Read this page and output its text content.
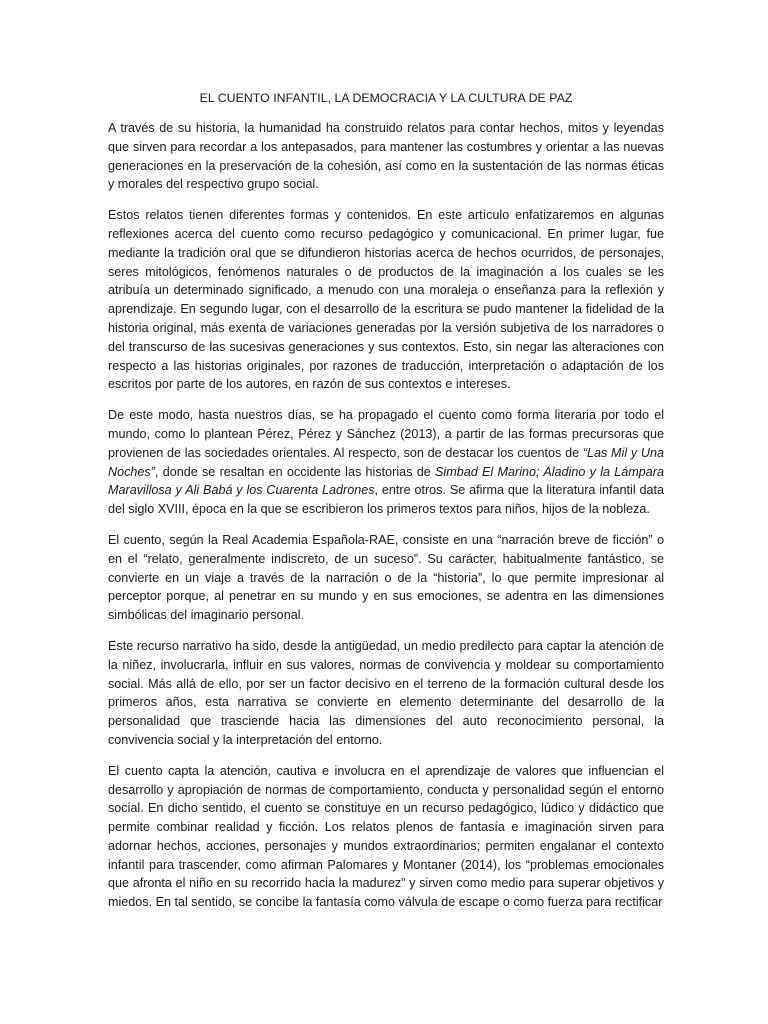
EL CUENTO INFANTIL, LA DEMOCRACIA Y LA CULTURA DE PAZ

A través de su historia, la humanidad ha construido relatos para contar hechos, mitos y leyendas que sirven para recordar a los antepasados, para mantener las costumbres y orientar a las nuevas generaciones en la preservación de la cohesión, así como en la sustentación de las normas éticas y morales del respectivo grupo social.

Estos relatos tienen diferentes formas y contenidos. En este artículo enfatizaremos en algunas reflexiones acerca del cuento como recurso pedagógico y comunicacional. En primer lugar, fue mediante la tradición oral que se difundieron historias acerca de hechos ocurridos, de personajes, seres mitológicos, fenómenos naturales o de productos de la imaginación a los cuales se les atribuía un determinado significado, a menudo con una moraleja o enseñanza para la reflexión y aprendizaje. En segundo lugar, con el desarrollo de la escritura se pudo mantener la fidelidad de la historia original, más exenta de variaciones generadas por la versión subjetiva de los narradores o del transcurso de las sucesivas generaciones y sus contextos. Esto, sin negar las alteraciones con respecto a las historias originales, por razones de traducción, interpretación o adaptación de los escritos por parte de los autores, en razón de sus contextos e intereses.

De este modo, hasta nuestros días, se ha propagado el cuento como forma literaria por todo el mundo, como lo plantean Pérez, Pérez y Sánchez (2013), a partir de las formas precursoras que provienen de las sociedades orientales. Al respecto, son de destacar los cuentos de “Las Mil y Una Noches”, donde se resaltan en occidente las historias de Simbad El Marino; Aladino y la Lámpara Maravillosa y Ali Babá y los Cuarenta Ladrones, entre otros. Se afirma que la literatura infantil data del siglo XVIII, época en la que se escribieron los primeros textos para niños, hijos de la nobleza.

El cuento, según la Real Academia Española-RAE, consiste en una “narración breve de ficción” o en el “relato, generalmente indiscreto, de un suceso”. Su carácter, habitualmente fantástico, se convierte en un viaje a través de la narración o de la “historia”, lo que permite impresionar al perceptor porque, al penetrar en su mundo y en sus emociones, se adentra en las dimensiones simbólicas del imaginario personal.

Este recurso narrativo ha sido, desde la antigüedad, un medio predilecto para captar la atención de la niñez, involucrarla, influir en sus valores, normas de convivencia y moldear su comportamiento social. Más allá de ello, por ser un factor decisivo en el terreno de la formación cultural desde los primeros años, esta narrativa se convierte en elemento determinante del desarrollo de la personalidad que trasciende hacia las dimensiones del auto reconocimiento personal, la convivencia social y la interpretación del entorno.

El cuento capta la atención, cautiva e involucra en el aprendizaje de valores que influencian el desarrollo y apropiación de normas de comportamiento, conducta y personalidad según el entorno social. En dicho sentido, el cuento se constituye en un recurso pedagógico, lúdico y didáctico que permite combinar realidad y ficción. Los relatos plenos de fantasía e imaginación sirven para adornar hechos, acciones, personajes y mundos extraordinarios; permiten engalanar el contexto infantil para trascender, como afirman Palomares y Montaner (2014), los “problemas emocionales que afronta el niño en su recorrido hacia la madurez” y sirven como medio para superar objetivos y miedos. En tal sentido, se concibe la fantasía como válvula de escape o como fuerza para rectificar
